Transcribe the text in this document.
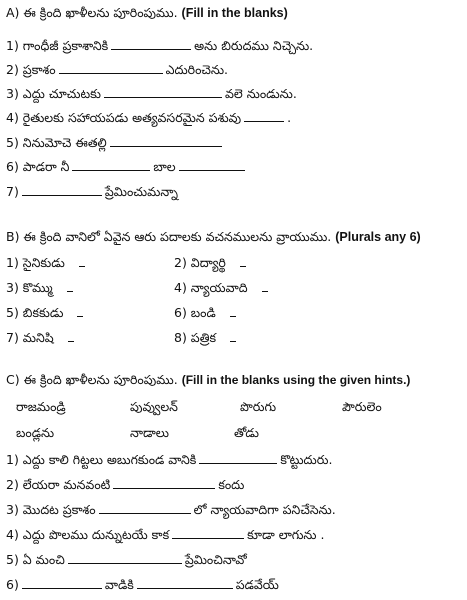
A) ఈ క్రింది ఖాళీలను పూరింపుము. (Fill in the blanks)
1) గాంధీజీ ప్రకాశానికి	అను బిరుదము నిచ్చెను.
2) ప్రకాశం	ఎదురించెను.
3) ఎద్దు చూచుటకు	వలె నుండును.
4) రైతులకు సహాయపడు అత్యవసరమైన పశువు	.
5) నినుమోచె ఈతల్లి
6) పాడరా నీ	బాల
7)	ప్రేమించుమన్నా
B) ఈ క్రింది వానిలో ఏవైన ఆరు పదాలకు వచనములను వ్రాయుము. (Plurals any 6)
1) సైనికుడు
3) కొమ్ము
5) బికకుడు
7) మనిషి
2) విద్యార్థి
4) న్యాయవాది
6) బండి
8) పత్రిక
C) ఈ క్రింది ఖాళీలను పూరింపుము. (Fill in the blanks using the given hints.)
రాజమండ్రి	పువ్వులన్	పొరుగు	పౌరులెం
బండ్లను	నాడాలు	తోడు
1) ఎద్దు కాలి గిట్టలు అబుగకుండ వానికి	కొట్టుదురు.
2) లేయరా మనవంటి	కందు
3) మొదట ప్రకాశం	లో న్యాయవాదిగా పనిచేసెను.
4) ఎద్దు పొలము దున్నుటయే కాక	కూడా లాగును .
5) ఏ మంచి	ప్రేమించినావో
6)	వాడికి	పడవేయ్
